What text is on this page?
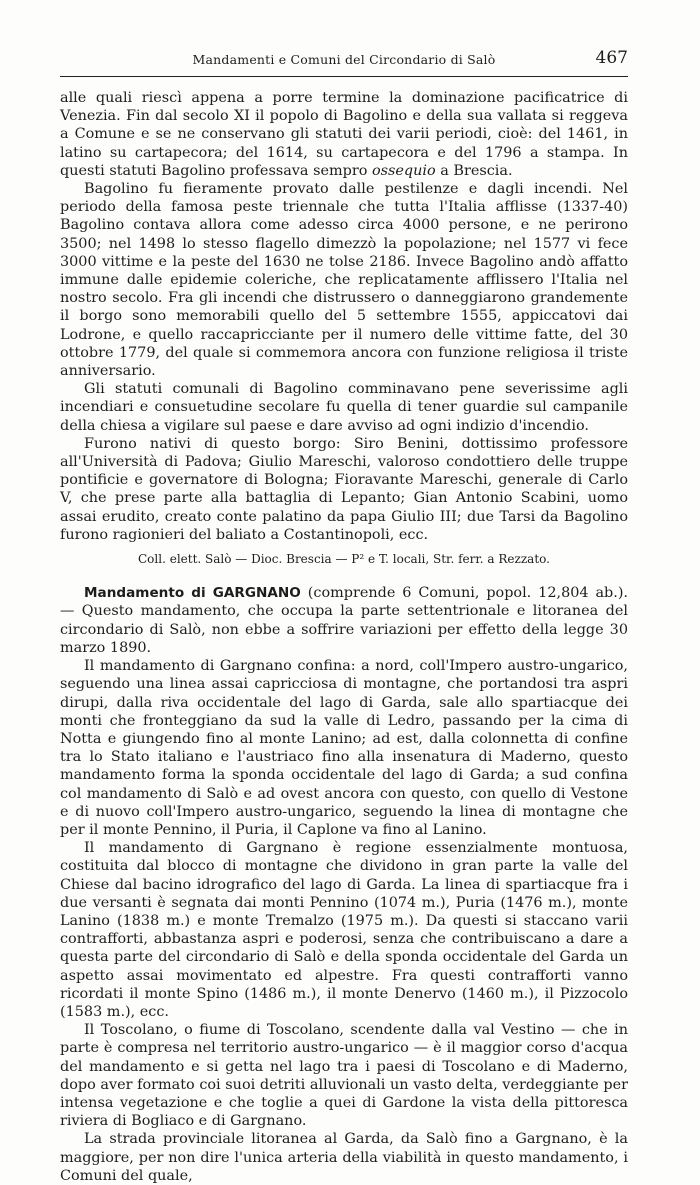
Mandamenti e Comuni del Circondario di Salò	467

alle quali riescì appena a porre termine la dominazione pacificatrice di Venezia. Fin dal secolo XI il popolo di Bagolino e della sua vallata si reggeva a Comune e se ne conservano gli statuti dei varii periodi, cioè: del 1461, in latino su cartapecora; del 1614, su cartapecora e del 1796 a stampa. In questi statuti Bagolino professava sempro ossequio a Brescia.

Bagolino fu fieramente provato dalle pestilenze e dagli incendi. Nel periodo della famosa peste triennale che tutta l'Italia afflisse (1337-40) Bagolino contava allora come adesso circa 4000 persone, e ne perirono 3500; nel 1498 lo stesso flagello dimezzò la popolazione; nel 1577 vi fece 3000 vittime e la peste del 1630 ne tolse 2186. Invece Bagolino andò affatto immune dalle epidemie coleriche, che replicatamente afflissero l'Italia nel nostro secolo. Fra gli incendi che distrussero o danneggiarono grandemente il borgo sono memorabili quello del 5 settembre 1555, appiccatovi dai Lodrone, e quello raccapricciante per il numero delle vittime fatte, del 30 ottobre 1779, del quale si commemora ancora con funzione religiosa il triste anniversario.

Gli statuti comunali di Bagolino comminavano pene severissime agli incendiari e consuetudine secolare fu quella di tener guardie sul campanile della chiesa a vigilare sul paese e dare avviso ad ogni indizio d'incendio.

Furono nativi di questo borgo: Siro Benini, dottissimo professore all'Università di Padova; Giulio Mareschi, valoroso condottiero delle truppe pontificie e governatore di Bologna; Fioravante Mareschi, generale di Carlo V, che prese parte alla battaglia di Lepanto; Gian Antonio Scabini, uomo assai erudito, creato conte palatino da papa Giulio III; due Tarsi da Bagolino furono ragionieri del baliato a Costantinopoli, ecc.

Coll. elett. Salò — Dioc. Brescia — P² e T. locali, Str. ferr. a Rezzato.

Mandamento di GARGNANO (comprende 6 Comuni, popol. 12,804 ab.). — Questo mandamento, che occupa la parte settentrionale e litoranea del circondario di Salò, non ebbe a soffrire variazioni per effetto della legge 30 marzo 1890.

Il mandamento di Gargnano confina: a nord, coll'Impero austro-ungarico, seguendo una linea assai capricciosa di montagne, che portandosi tra aspri dirupi, dalla riva occidentale del lago di Garda, sale allo spartiacque dei monti che fronteggiano da sud la valle di Ledro, passando per la cima di Notta e giungendo fino al monte Lanino; ad est, dalla colonnetta di confine tra lo Stato italiano e l'austriaco fino alla insenatura di Maderno, questo mandamento forma la sponda occidentale del lago di Garda; a sud confina col mandamento di Salò e ad ovest ancora con questo, con quello di Vestone e di nuovo coll'Impero austro-ungarico, seguendo la linea di montagne che per il monte Pennino, il Puria, il Caplone va fino al Lanino.

Il mandamento di Gargnano è regione essenzialmente montuosa, costituita dal blocco di montagne che dividono in gran parte la valle del Chiese dal bacino idrografico del lago di Garda. La linea di spartiacque fra i due versanti è segnata dai monti Pennino (1074 m.), Puria (1476 m.), monte Lanino (1838 m.) e monte Tremalzo (1975 m.). Da questi si staccano varii contrafforti, abbastanza aspri e poderosi, senza che contribuiscano a dare a questa parte del circondario di Salò e della sponda occidentale del Garda un aspetto assai movimentato ed alpestre. Fra questi contrafforti vanno ricordati il monte Spino (1486 m.), il monte Denervo (1460 m.), il Pizzocolo (1583 m.), ecc.

Il Toscolano, o fiume di Toscolano, scendente dalla val Vestino — che in parte è compresa nel territorio austro-ungarico — è il maggior corso d'acqua del mandamento e si getta nel lago tra i paesi di Toscolano e di Maderno, dopo aver formato coi suoi detriti alluvionali un vasto delta, verdeggiante per intensa vegetazione e che toglie a quei di Gardone la vista della pittoresca riviera di Bogliaco e di Gargnano.

La strada provinciale litoranea al Garda, da Salò fino a Gargnano, è la maggiore, per non dire l'unica arteria della viabilità in questo mandamento, i Comuni del quale,
